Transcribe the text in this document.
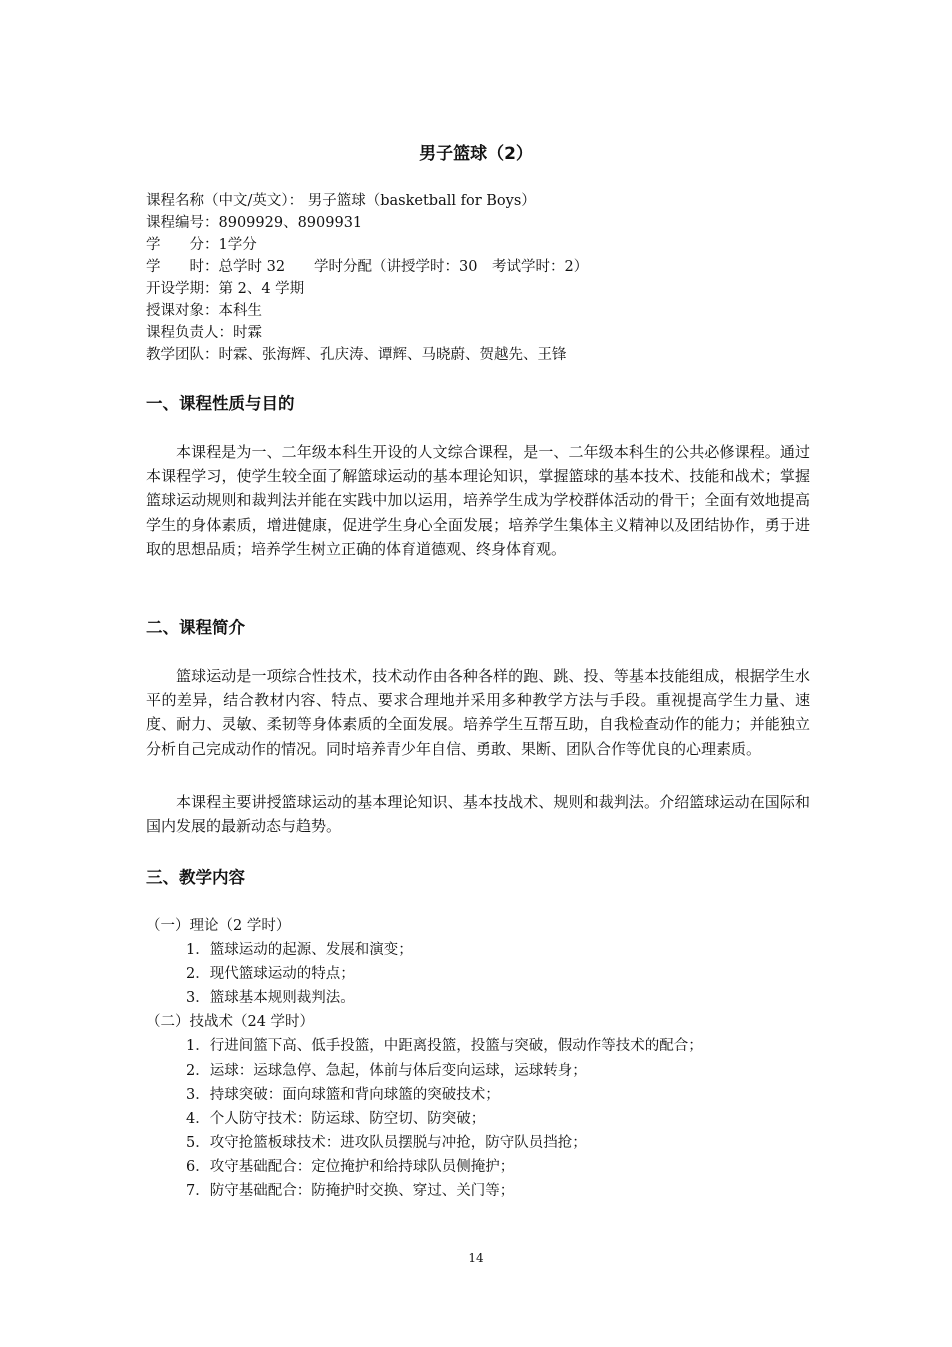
男子篮球（2）
课程名称（中文/英文）： 男子篮球（basketball for Boys）
课程编号：8909929、8909931
学　　分：1学分
学　　时：总学时 32　　学时分配（讲授学时：30　考试学时：2）
开设学期：第 2、4 学期
授课对象：本科生
课程负责人：时霖
教学团队：时霖、张海辉、孔庆涛、谭辉、马晓蔚、贺越先、王锋
一、课程性质与目的

本课程是为一、二年级本科生开设的人文综合课程，是一、二年级本科生的公共必修课程。通过本课程学习，使学生较全面了解篮球运动的基本理论知识，掌握篮球的基本技术、技能和战术；掌握篮球运动规则和裁判法并能在实践中加以运用，培养学生成为学校群体活动的骨干；全面有效地提高学生的身体素质，增进健康，促进学生身心全面发展；培养学生集体主义精神以及团结协作，勇于进取的思想品质；培养学生树立正确的体育道德观、终身体育观。

二、课程简介

篮球运动是一项综合性技术，技术动作由各种各样的跑、跳、投、等基本技能组成，根据学生水平的差异，结合教材内容、特点、要求合理地并采用多种教学方法与手段。重视提高学生力量、速度、耐力、灵敏、柔韧等身体素质的全面发展。培养学生互帮互助，自我检查动作的能力；并能独立分析自己完成动作的情况。同时培养青少年自信、勇敢、果断、团队合作等优良的心理素质。

本课程主要讲授篮球运动的基本理论知识、基本技战术、规则和裁判法。介绍篮球运动在国际和国内发展的最新动态与趋势。

三、教学内容
（一）理论（2 学时）
1．篮球运动的起源、发展和演变；
2．现代篮球运动的特点；
3．篮球基本规则裁判法。
（二）技战术（24 学时）
1．行进间篮下高、低手投篮，中距离投篮，投篮与突破，假动作等技术的配合；
2．运球：运球急停、急起，体前与体后变向运球，运球转身；
3．持球突破：面向球篮和背向球篮的突破技术；
4．个人防守技术：防运球、防空切、防突破；
5．攻守抢篮板球技术：进攻队员摆脱与冲抢，防守队员挡抢；
6．攻守基础配合：定位掩护和给持球队员侧掩护；
7．防守基础配合：防掩护时交换、穿过、关门等；
14
